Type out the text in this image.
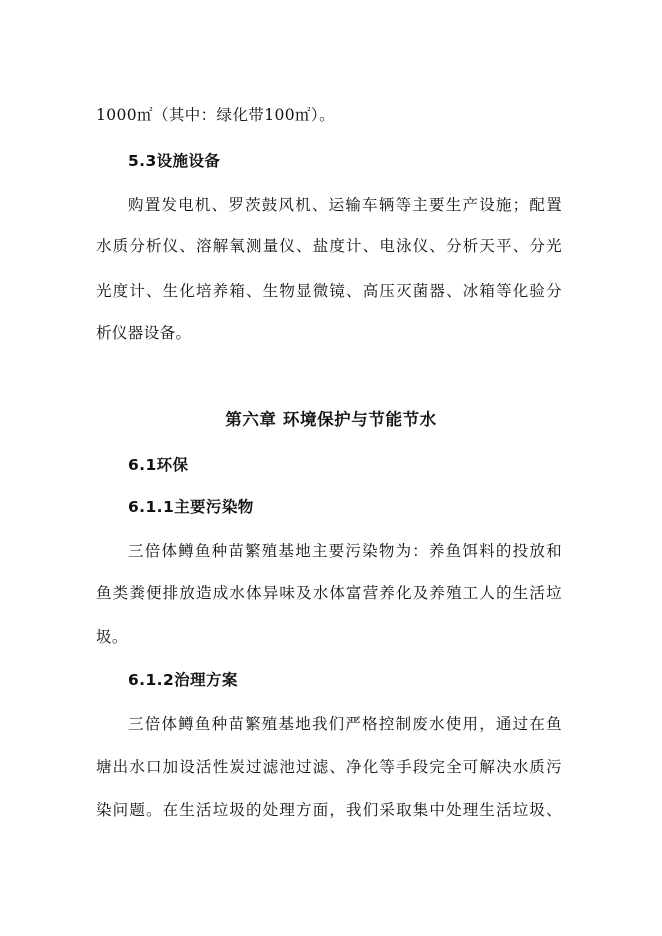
1000㎡（其中：绿化带100㎡）。
5.3设施设备
购置发电机、罗茨鼓风机、运输车辆等主要生产设施；配置
水质分析仪、溶解氧测量仪、盐度计、电泳仪、分析天平、分光
光度计、生化培养箱、生物显微镜、高压灭菌器、冰箱等化验分
析仪器设备。
第六章 环境保护与节能节水
6.1环保
6.1.1主要污染物
三倍体鳟鱼种苗繁殖基地主要污染物为：养鱼饵料的投放和
鱼类粪便排放造成水体异味及水体富营养化及养殖工人的生活垃
圾。
6.1.2治理方案
三倍体鳟鱼种苗繁殖基地我们严格控制废水使用，通过在鱼
塘出水口加设活性炭过滤池过滤、净化等手段完全可解决水质污
染问题。在生活垃圾的处理方面，我们采取集中处理生活垃圾、
